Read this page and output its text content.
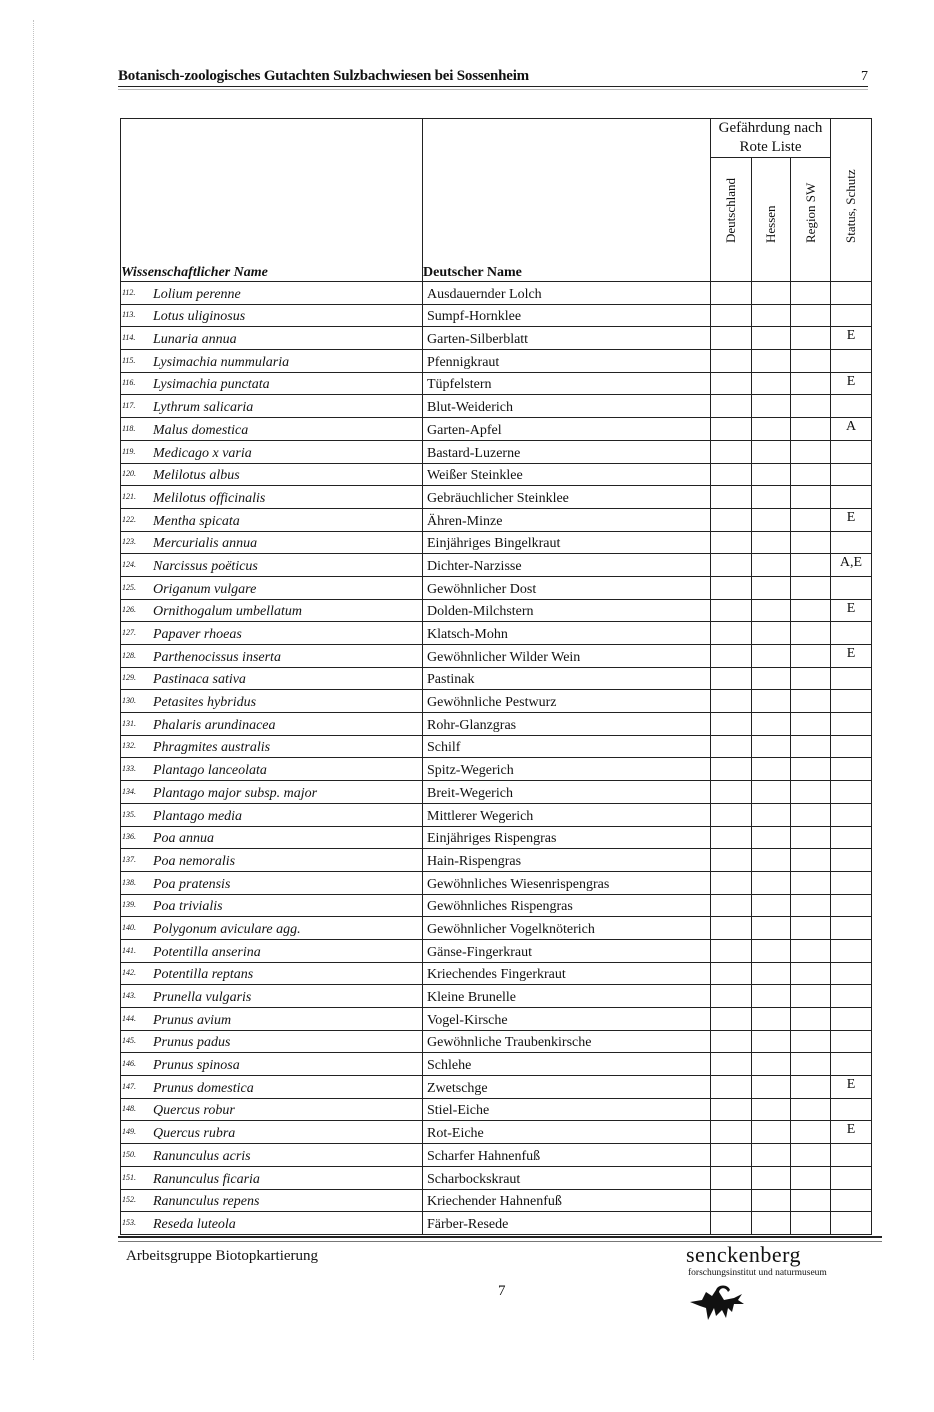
Botanisch-zoologisches Gutachten Sulzbachwiesen bei Sossenheim	7
Wissenschaftlicher Name	Deutscher Name	Gefährdung nach Rote Liste			Status, Schutz

		Deutschland	Hessen	Region SW	

112. Lolium perenne	Ausdauernder Lolch				

113. Lotus uliginosus	Sumpf-Hornklee				

114. Lunaria annua	Garten-Silberblatt				E

115. Lysimachia nummularia	Pfennigkraut				

116. Lysimachia punctata	Tüpfelstern				E

117. Lythrum salicaria	Blut-Weiderich				

118. Malus domestica	Garten-Apfel				A

119. Medicago x varia	Bastard-Luzerne				

120. Melilotus albus	Weißer Steinklee				

121. Melilotus officinalis	Gebräuchlicher Steinklee				

122. Mentha spicata	Ähren-Minze				E

123. Mercurialis annua	Einjähriges Bingelkraut				

124. Narcissus poëticus	Dichter-Narzisse				A,E

125. Origanum vulgare	Gewöhnlicher Dost				

126. Ornithogalum umbellatum	Dolden-Milchstern				E

127. Papaver rhoeas	Klatsch-Mohn				

128. Parthenocissus inserta	Gewöhnlicher Wilder Wein				E

129. Pastinaca sativa	Pastinak				

130. Petasites hybridus	Gewöhnliche Pestwurz				

131. Phalaris arundinacea	Rohr-Glanzgras				

132. Phragmites australis	Schilf				

133. Plantago lanceolata	Spitz-Wegerich				

134. Plantago major subsp. major	Breit-Wegerich				

135. Plantago media	Mittlerer Wegerich				

136. Poa annua	Einjähriges Rispengras				

137. Poa nemoralis	Hain-Rispengras				

138. Poa pratensis	Gewöhnliches Wiesenrispengras				

139. Poa trivialis	Gewöhnliches Rispengras				

140. Polygonum aviculare agg.	Gewöhnlicher Vogelknöterich				

141. Potentilla anserina	Gänse-Fingerkraut				

142. Potentilla reptans	Kriechendes Fingerkraut				

143. Prunella vulgaris	Kleine Brunelle				

144. Prunus avium	Vogel-Kirsche				

145. Prunus padus	Gewöhnliche Traubenkirsche				

146. Prunus spinosa	Schlehe				

147. Prunus domestica	Zwetschge				E

148. Quercus robur	Stiel-Eiche				

149. Quercus rubra	Rot-Eiche				E

150. Ranunculus acris	Scharfer Hahnenfuß				

151. Ranunculus ficaria	Scharbockskraut				

152. Ranunculus repens	Kriechender Hahnenfuß				

153. Reseda luteola	Färber-Resede				
Arbeitsgruppe Biotopkartierung
7
senckenberg
forschungsinstitut und naturmuseum
